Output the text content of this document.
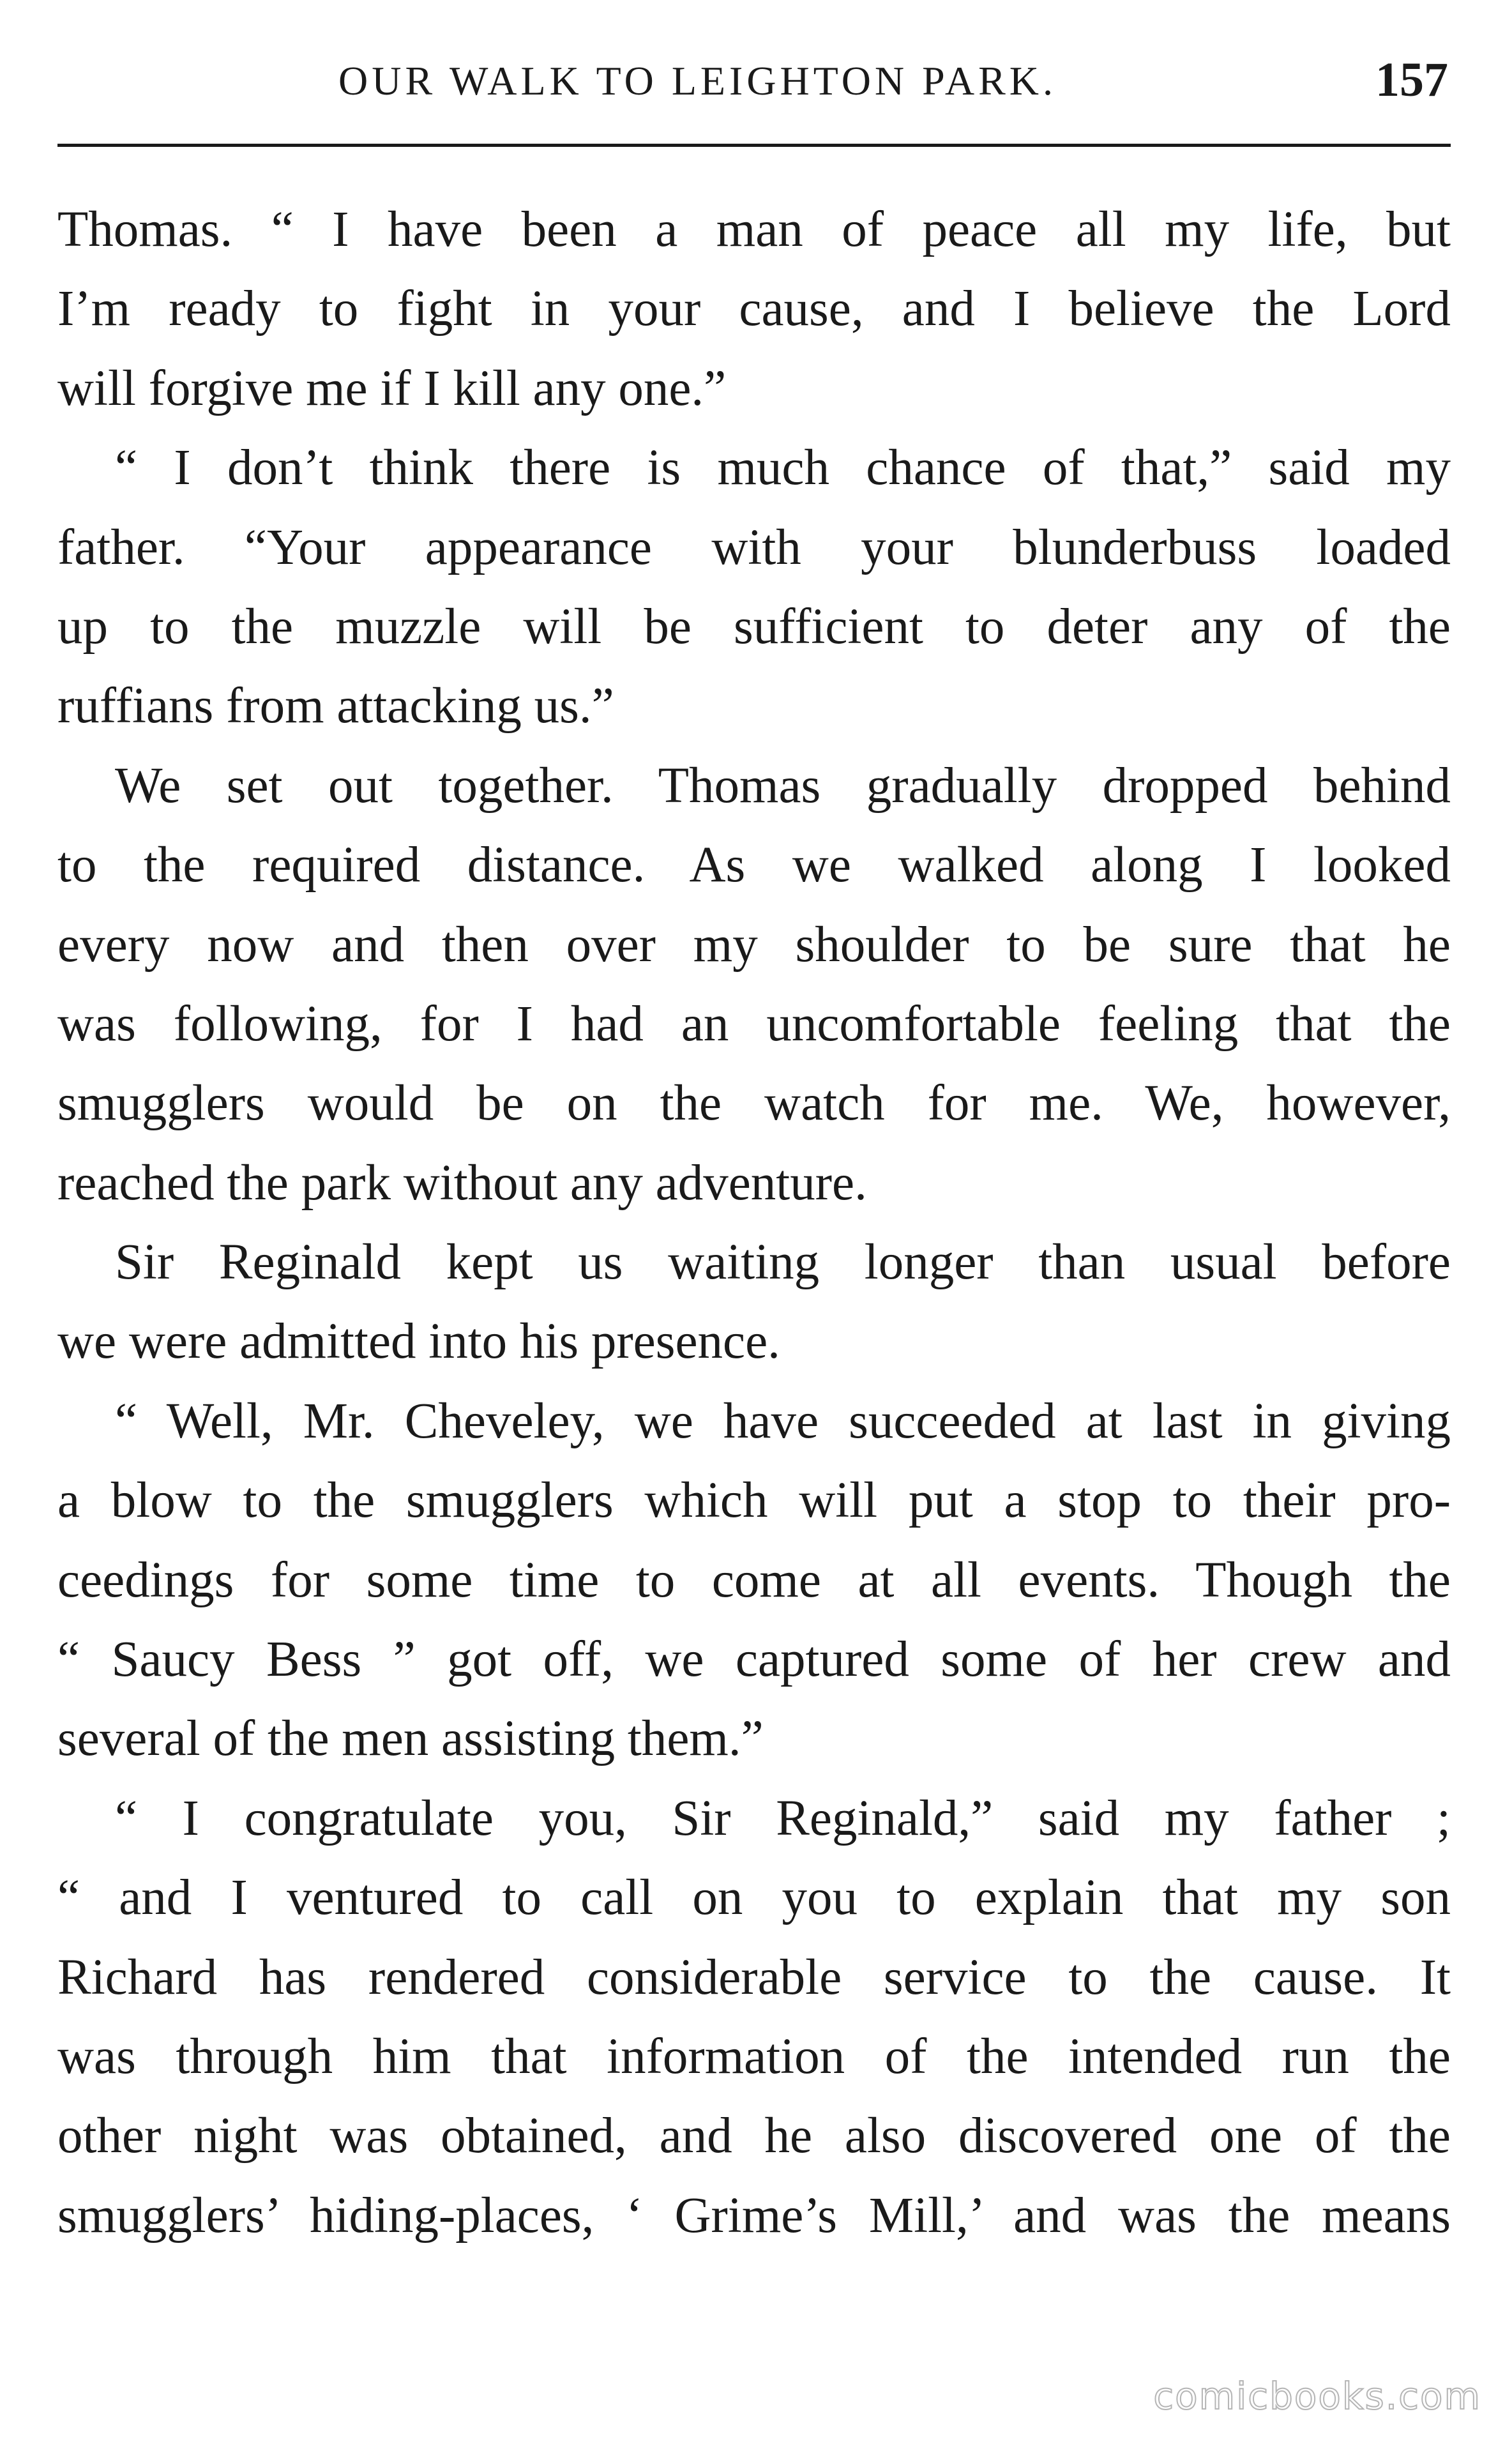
OUR WALK TO LEIGHTON PARK.	157
Thomas. “ I have been a man of peace all my life, but
I’m ready to fight in your cause, and I believe the Lord
will forgive me if I kill any one.”
“ I don’t think there is much chance of that,” said my
father. “Your appearance with your blunderbuss loaded
up to the muzzle will be sufficient to deter any of the
ruffians from attacking us.”
We set out together. Thomas gradually dropped behind
to the required distance. As we walked along I looked
every now and then over my shoulder to be sure that he
was following, for I had an uncomfortable feeling that the
smugglers would be on the watch for me. We, however,
reached the park without any adventure.
Sir Reginald kept us waiting longer than usual before
we were admitted into his presence.
“ Well, Mr. Cheveley, we have succeeded at last in giving
a blow to the smugglers which will put a stop to their pro-
ceedings for some time to come at all events. Though the
“ Saucy Bess ” got off, we captured some of her crew and
several of the men assisting them.”
“ I congratulate you, Sir Reginald,” said my father ;
“ and I ventured to call on you to explain that my son
Richard has rendered considerable service to the cause. It
was through him that information of the intended run the
other night was obtained, and he also discovered one of the
smugglers’ hiding-places, ‘ Grime’s Mill,’ and was the means
comicbooks.com
